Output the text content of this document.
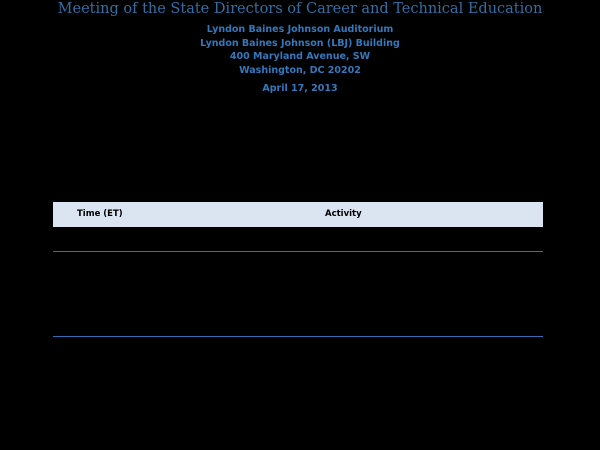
Meeting of the State Directors of Career and Technical Education
Lyndon Baines Johnson Auditorium
Lyndon Baines Johnson (LBJ) Building
400 Maryland Avenue, SW
Washington, DC 20202
April 17, 2013
Time (ET)	Activity
